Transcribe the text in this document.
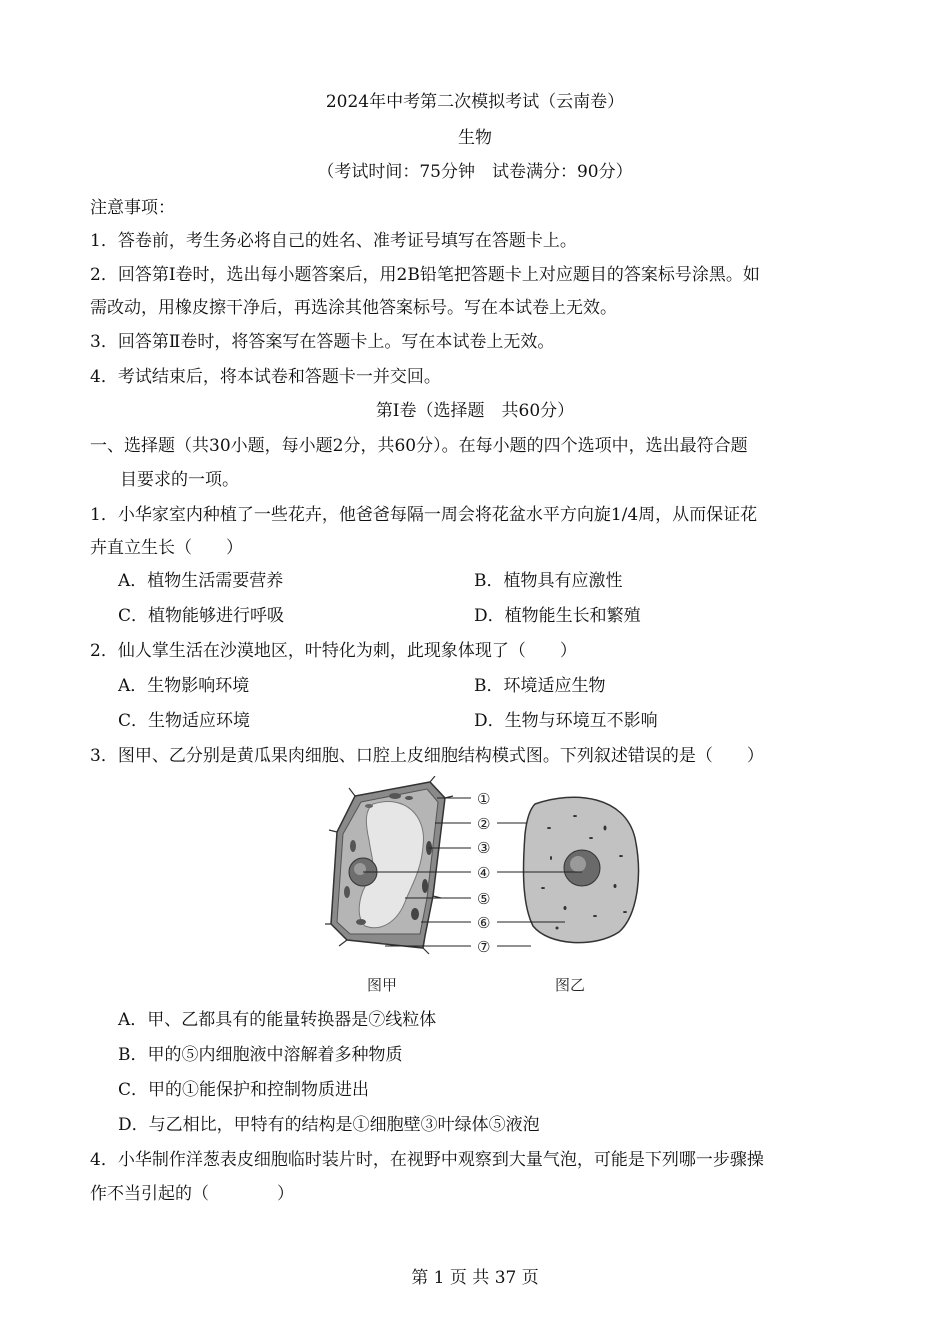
2024年中考第二次模拟考试（云南卷）
生物
（考试时间：75分钟　试卷满分：90分）
注意事项：
1．答卷前，考生务必将自己的姓名、准考证号填写在答题卡上。
2．回答第Ⅰ卷时，选出每小题答案后，用2B铅笔把答题卡上对应题目的答案标号涂黑。如
需改动，用橡皮擦干净后，再选涂其他答案标号。写在本试卷上无效。
3．回答第Ⅱ卷时，将答案写在答题卡上。写在本试卷上无效。
4．考试结束后，将本试卷和答题卡一并交回。
第Ⅰ卷（选择题　共60分）
一、选择题（共30小题，每小题2分，共60分）。在每小题的四个选项中，选出最符合题
目要求的一项。
1．小华家室内种植了一些花卉，他爸爸每隔一周会将花盆水平方向旋1/4周，从而保证花
卉直立生长（　　）
A．植物生活需要营养	B．植物具有应激性
C．植物能够进行呼吸	D．植物能生长和繁殖
2．仙人掌生活在沙漠地区，叶特化为刺，此现象体现了（　　）
A．生物影响环境	B．环境适应生物
C．生物适应环境	D．生物与环境互不影响
3．图甲、乙分别是黄瓜果肉细胞、口腔上皮细胞结构模式图。下列叙述错误的是（　　）
①
②
③
④
⑤
⑥
⑦
图甲	图乙
A．甲、乙都具有的能量转换器是⑦线粒体
B．甲的⑤内细胞液中溶解着多种物质
C．甲的①能保护和控制物质进出
D．与乙相比，甲特有的结构是①细胞壁③叶绿体⑤液泡
4．小华制作洋葱表皮细胞临时装片时，在视野中观察到大量气泡，可能是下列哪一步骤操
作不当引起的（　　　　）
第 1 页 共 37 页
